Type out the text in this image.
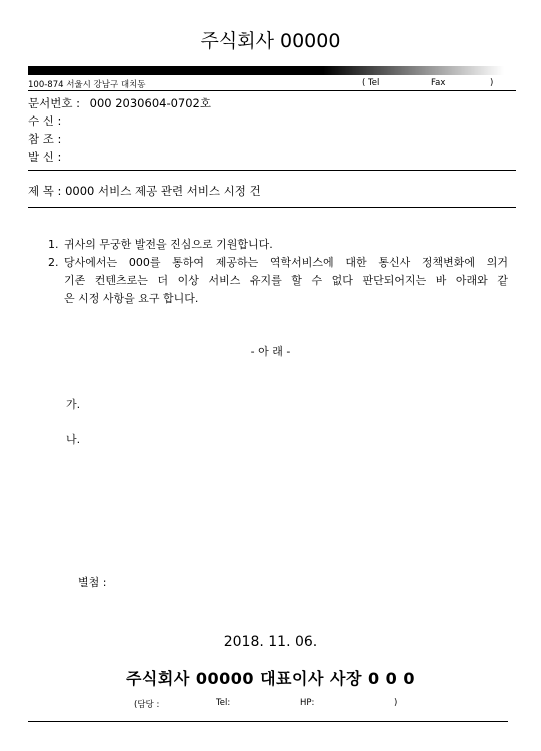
주식회사 00000
100-874 서울시 강남구 대치동	( Tel	Fax	)
문서번호 : 000 2030604-0702호
수 신 :
참 조 :
발 신 :
제 목 : 0000 서비스 제공 관련 서비스 시정 건
1. 귀사의 무궁한 발전을 진심으로 기원합니다.
2. 당사에서는 000를 통하여 제공하는 역학서비스에 대한 통신사 정책변화에 의거
기존 컨텐츠로는 더 이상 서비스 유지를 할 수 없다 판단되어지는 바 아래와 같
은 시정 사항을 요구 합니다.
- 아 래 -
가.
나.
별첨 :
2018. 11. 06.
주식회사 00000 대표이사 사장 0 0 0
(담당 :	Tel:	HP:	)
